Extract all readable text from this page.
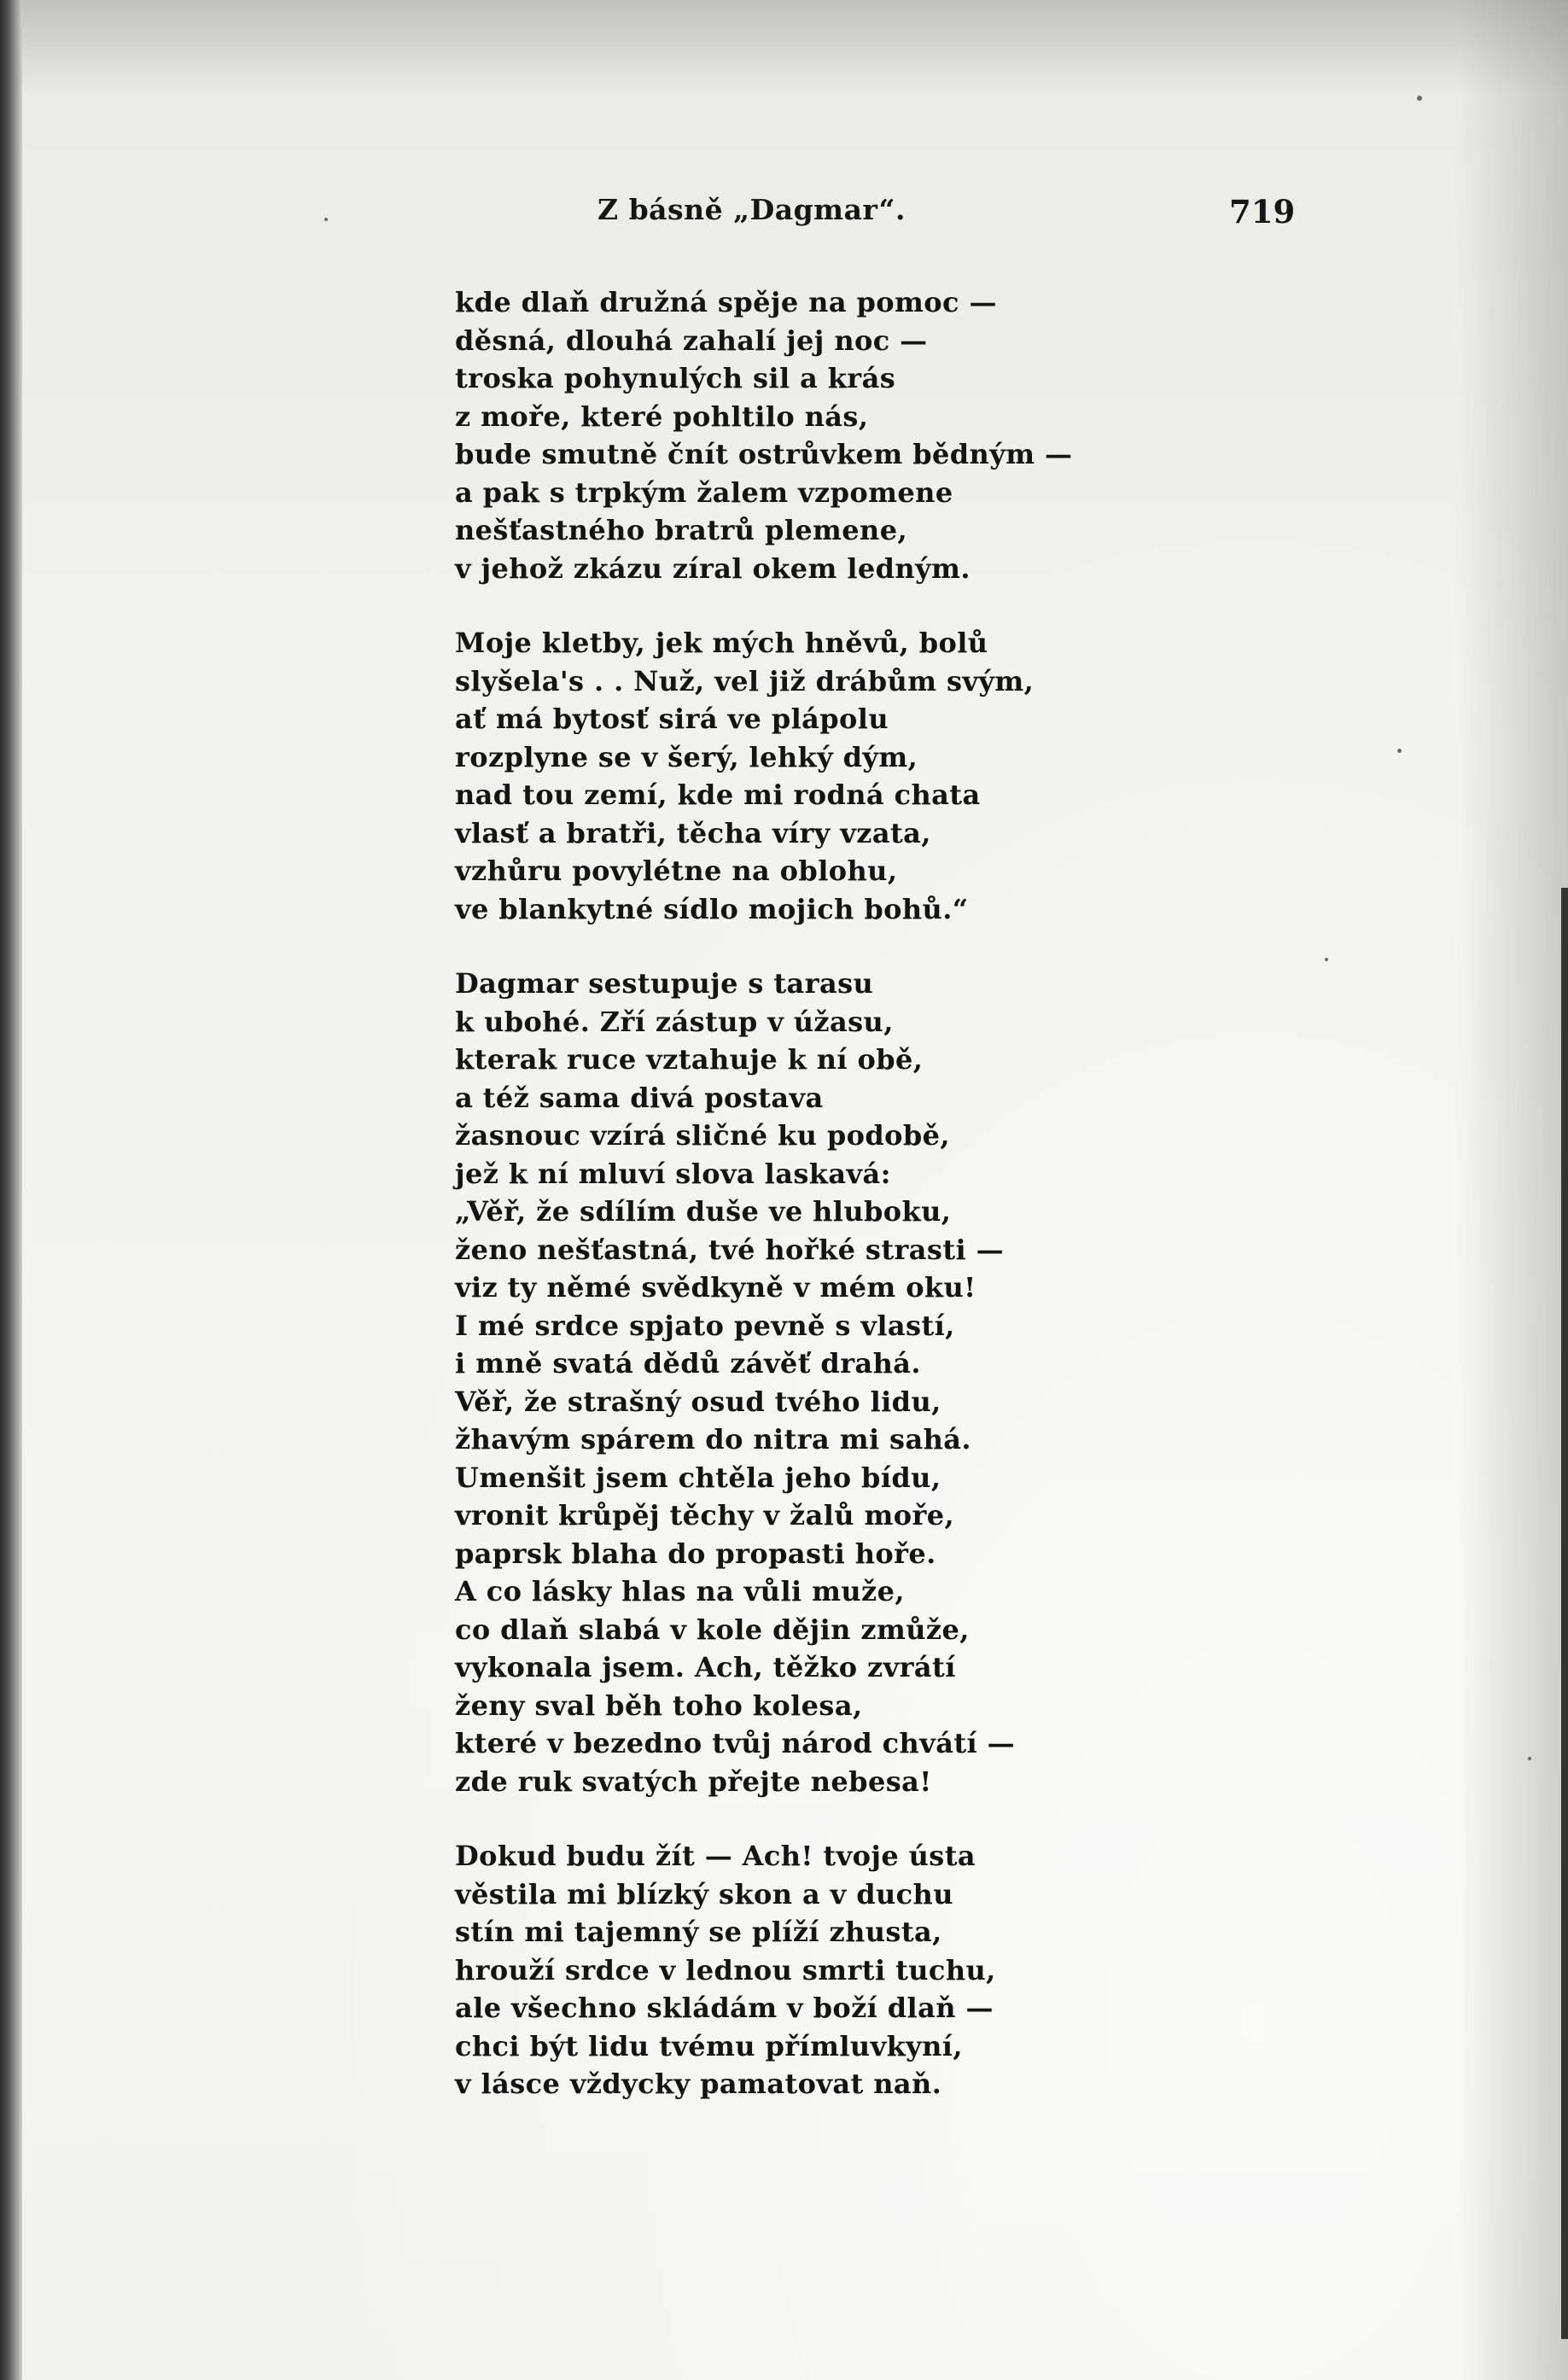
Z básně „Dagmar“.	719
kde dlaň družná spěje na pomoc —
děsná, dlouhá zahalí jej noc —
troska pohynulých sil a krás
z moře, které pohltilo nás,
bude smutně čnít ostrůvkem bědným —
a pak s trpkým žalem vzpomene
nešťastného bratrů plemene,
v jehož zkázu zíral okem ledným.
Moje kletby, jek mých hněvů, bolů
slyšela's . . Nuž, vel již drábům svým,
ať má bytosť sirá ve plápolu
rozplyne se v šerý, lehký dým,
nad tou zemí, kde mi rodná chata
vlasť a bratři, těcha víry vzata,
vzhůru povylétne na oblohu,
ve blankytné sídlo mojich bohů.“
Dagmar sestupuje s tarasu
k ubohé. Zří zástup v úžasu,
kterak ruce vztahuje k ní obě,
a též sama divá postava
žasnouc vzírá sličné ku podobě,
jež k ní mluví slova laskavá:
„Věř, že sdílím duše ve hluboku,
ženo nešťastná, tvé hořké strasti —
viz ty němé svědkyně v mém oku!
I mé srdce spjato pevně s vlastí,
i mně svatá dědů závěť drahá.
Věř, že strašný osud tvého lidu,
žhavým spárem do nitra mi sahá.
Umenšit jsem chtěla jeho bídu,
vronit krůpěj těchy v žalů moře,
paprsk blaha do propasti hoře.
A co lásky hlas na vůli muže,
co dlaň slabá v kole dějin zmůže,
vykonala jsem. Ach, těžko zvrátí
ženy sval běh toho kolesa,
které v bezedno tvůj národ chvátí —
zde ruk svatých přejte nebesa!
Dokud budu žít — Ach! tvoje ústa
věstila mi blízký skon a v duchu
stín mi tajemný se plíží zhusta,
hrouží srdce v lednou smrti tuchu,
ale všechno skládám v boží dlaň —
chci být lidu tvému přímluvkyní,
v lásce vždycky pamatovat naň.
